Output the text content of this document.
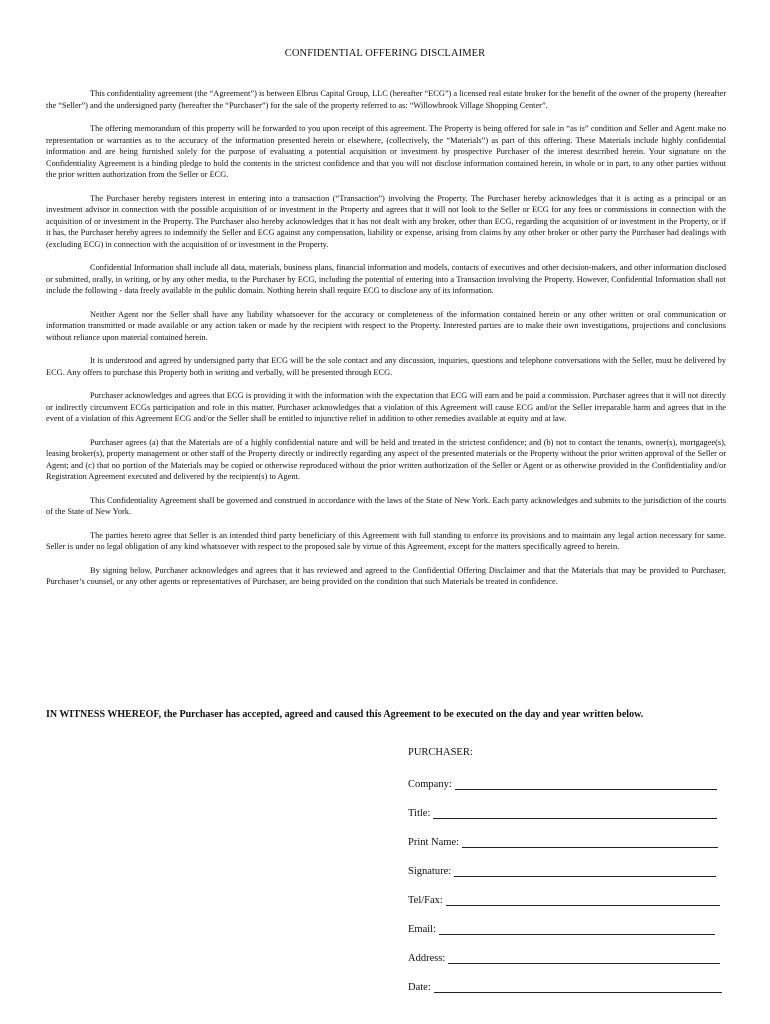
CONFIDENTIAL OFFERING DISCLAIMER

This confidentiality agreement (the “Agreement”) is between Elbrus Capital Group, LLC (hereafter “ECG”) a licensed real estate broker for the benefit of the owner of the property (hereafter the “Seller”) and the undersigned party (hereafter the “Purchaser”) for the sale of the property referred to as: “Willowbrook Village Shopping Center”.

The offering memorandum of this property will be forwarded to you upon receipt of this agreement. The Property is being offered for sale in “as is” condition and Seller and Agent make no representation or warranties as to the accuracy of the information presented herein or elsewhere, (collectively, the “Materials”) as part of this offering. These Materials include highly confidential information and are being furnished solely for the purpose of evaluating a potential acquisition or investment by prospective Purchaser of the interest described herein. Your signature on the Confidentiality Agreement is a binding pledge to hold the contents in the strictest confidence and that you will not disclose information contained herein, in whole or in part, to any other parties without the prior written authorization from the Seller or ECG.

The Purchaser hereby registers interest in entering into a transaction (“Transaction”) involving the Property. The Purchaser hereby acknowledges that it is acting as a principal or an investment advisor in connection with the possible acquisition of or investment in the Property and agrees that it will not look to the Seller or ECG for any fees or commissions in connection with the acquisition of or investment in the Property. The Purchaser also hereby acknowledges that it has not dealt with any broker, other than ECG, regarding the acquisition of or investment in the Property, or if it has, the Purchaser hereby agrees to indemnify the Seller and ECG against any compensation, liability or expense, arising from claims by any other broker or other party the Purchaser had dealings with (excluding ECG) in connection with the acquisition of or investment in the Property.

Confidential Information shall include all data, materials, business plans, financial information and models, contacts of executives and other decision-makers, and other information disclosed or submitted, orally, in writing, or by any other media, to the Purchaser by ECG, including the potential of entering into a Transaction involving the Property. However, Confidential Information shall not include the following - data freely available in the public domain. Nothing herein shall require ECG to disclose any of its information.

Neither Agent nor the Seller shall have any liability whatsoever for the accuracy or completeness of the information contained herein or any other written or oral communication or information transmitted or made available or any action taken or made by the recipient with respect to the Property. Interested parties are to make their own investigations, projections and conclusions without reliance upon material contained herein.

It is understood and agreed by undersigned party that ECG will be the sole contact and any discussion, inquiries, questions and telephone conversations with the Seller, must be delivered by ECG. Any offers to purchase this Property both in writing and verbally, will be presented through ECG.

Purchaser acknowledges and agrees that ECG is providing it with the information with the expectation that ECG will earn and be paid a commission. Purchaser agrees that it will not directly or indirectly circumvent ECGs participation and role in this matter. Purchaser acknowledges that a violation of this Agreement will cause ECG and/or the Seller irreparable harm and agrees that in the event of a violation of this Agreement ECG and/or the Seller shall be entitled to injunctive relief in addition to other remedies available at equity and at law.

Purchaser agrees (a) that the Materials are of a highly confidential nature and will be held and treated in the strictest confidence; and (b) not to contact the tenants, owner(s), mortgagee(s), leasing broker(s), property management or other staff of the Property directly or indirectly regarding any aspect of the presented materials or the Property without the prior written approval of the Seller or Agent; and (c) that no portion of the Materials may be copied or otherwise reproduced without the prior written authorization of the Seller or Agent or as otherwise provided in the Confidentiality and/or Registration Agreement executed and delivered by the recipient(s) to Agent.

This Confidentiality Agreement shall be governed and construed in accordance with the laws of the State of New York. Each party acknowledges and submits to the jurisdiction of the courts of the State of New York.

The parties hereto agree that Seller is an intended third party beneficiary of this Agreement with full standing to enforce its provisions and to maintain any legal action necessary for same. Seller is under no legal obligation of any kind whatsoever with respect to the proposed sale by virtue of this Agreement, except for the matters specifically agreed to herein.

By signing below, Purchaser acknowledges and agrees that it has reviewed and agreed to the Confidential Offering Disclaimer and that the Materials that may be provided to Purchaser, Purchaser’s counsel, or any other agents or representatives of Purchaser, are being provided on the condition that such Materials be treated in confidence.

IN WITNESS WHEREOF, the Purchaser has accepted, agreed and caused this Agreement to be executed on the day and year written below.
PURCHASER:
Company:
Title:
Print Name:
Signature:
Tel/Fax:
Email:
Address:
Date:
